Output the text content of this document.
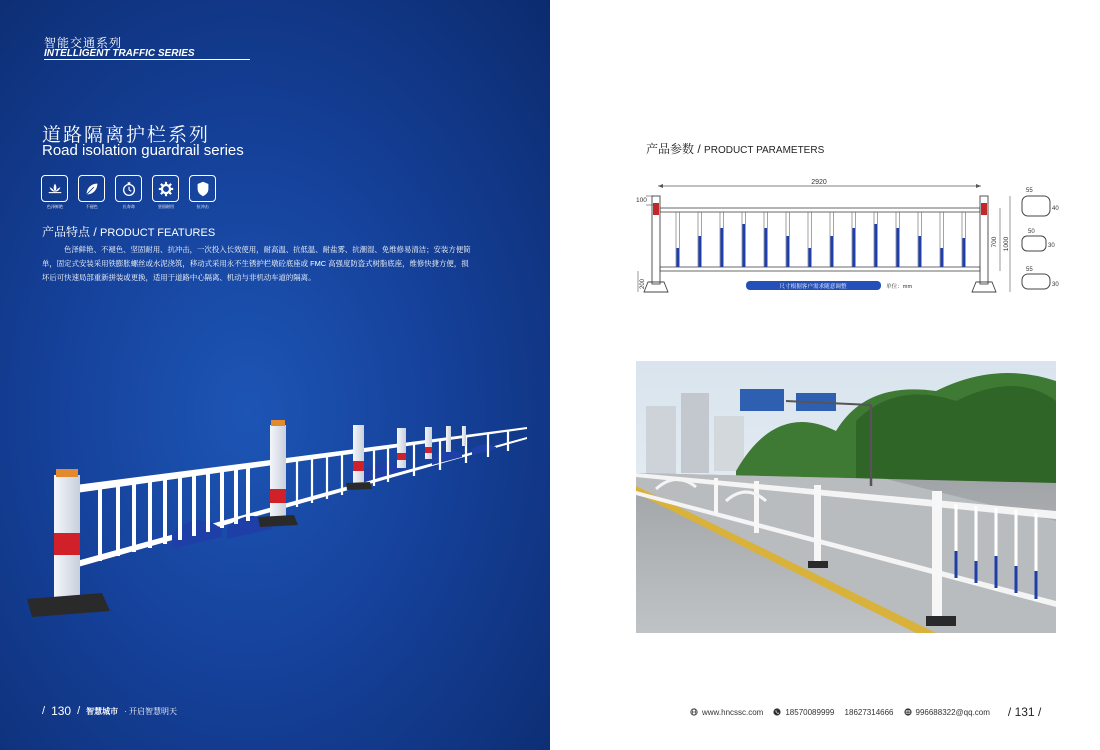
智能交通系列
INTELLIGENT TRAFFIC SERIES
道路隔离护栏系列
Road isolation guardrail series
色泽鲜艳	不褪色	长寿命	坚固耐用	抗冲击
产品特点 / PRODUCT FEATURES
色泽鲜艳、不褪色、坚固耐用、抗冲击，一次投入长效使用，耐高温、抗低温、耐盐雾、抗潮湿、免维修易清洁；安装方便简单，固定式安装采用铁膨胀螺丝或水泥浇筑，移动式采用永不生锈护栏墩砼底座或 FMC 高强度防盗式树脂底座，维修快捷方便，损坏后可快速局部重新拼装或更换，适用于道路中心隔离、机动与非机动车道的隔离。
/ 130 / 智慧城市 · 开启智慧明天
产品参数 / PRODUCT PARAMETERS
2920
100
700 1000
200	尺寸根据客户需求随意调整	单位：mm
55
40
50
30
55
30
www.hncssc.com	18570089999
18627314666	996688322@qq.com / 131 /
